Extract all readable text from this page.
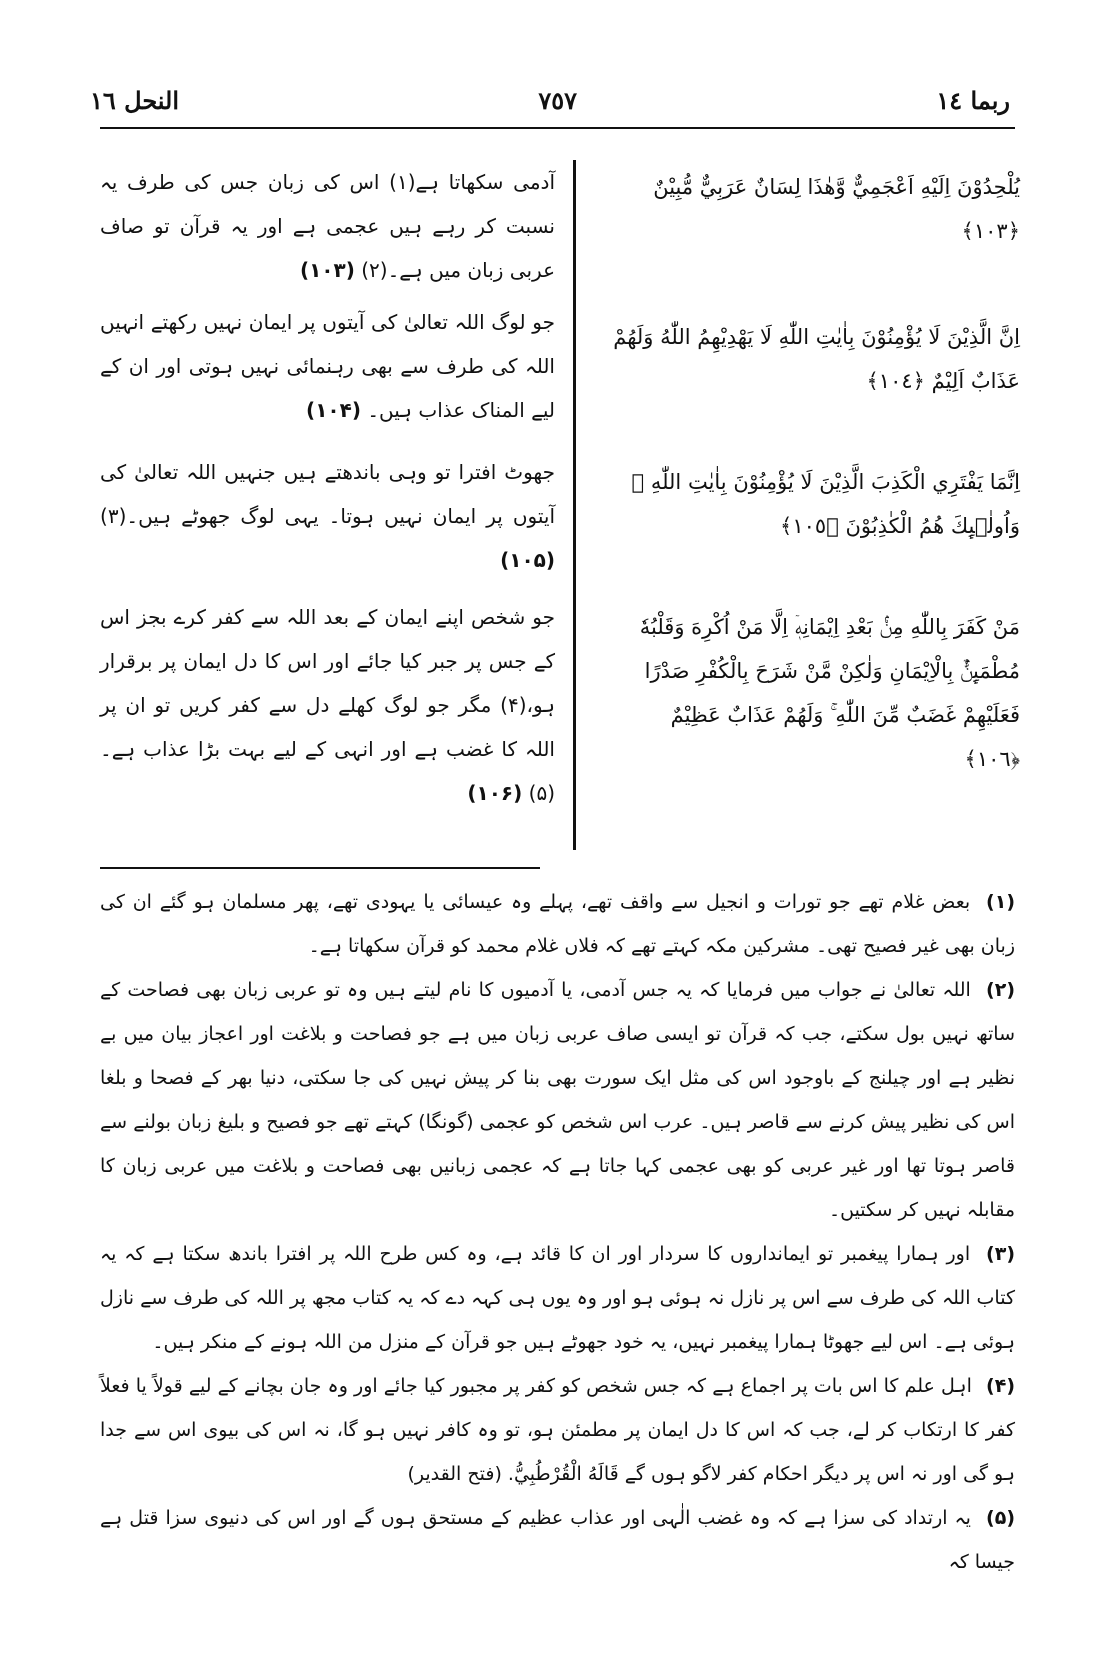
النحل ١٦	٧٥٧	ربما ١٤
يُلْحِدُوْنَ اِلَيْهِ اَعْجَمِيٌّ وَّهٰذَا لِسَانٌ عَرَبِيٌّ مُّبِيْنٌ ﴿١٠٣﴾
اِنَّ الَّذِيْنَ لَا يُؤْمِنُوْنَ بِاٰيٰتِ اللّٰهِ لَا يَهْدِيْهِمُ اللّٰهُ وَلَهُمْ عَذَابٌ اَلِيْمٌ ﴿١٠٤﴾
اِنَّمَا يَفْتَرِي الْكَذِبَ الَّذِيْنَ لَا يُؤْمِنُوْنَ بِاٰيٰتِ اللّٰهِ ۚ وَاُولٰۗىِٕكَ هُمُ الْكٰذِبُوْنَ ﴿١٠٥﴾
مَنْ كَفَرَ بِاللّٰهِ مِنْۢ بَعْدِ اِيْمَانِهٖۤ اِلَّا مَنْ اُكْرِهَ وَقَلْبُهٗ مُطْمَىِٕنٌّۢ بِالْاِيْمَانِ وَلٰكِنْ مَّنْ شَرَحَ بِالْكُفْرِ صَدْرًا فَعَلَيْهِمْ غَضَبٌ مِّنَ اللّٰهِ ۚ وَلَهُمْ عَذَابٌ عَظِيْمٌ ﴿١٠٦﴾
آدمی سکھاتا ہے(۱) اس کی زبان جس کی طرف یہ نسبت کر رہے ہیں عجمی ہے اور یہ قرآن تو صاف عربی زبان میں ہے۔(۲) (۱۰۳)
جو لوگ اللہ تعالیٰ کی آیتوں پر ایمان نہیں رکھتے انہیں اللہ کی طرف سے بھی رہنمائی نہیں ہوتی اور ان کے لیے المناک عذاب ہیں۔ (۱۰۴)
جھوٹ افترا تو وہی باندھتے ہیں جنہیں اللہ تعالیٰ کی آیتوں پر ایمان نہیں ہوتا۔ یہی لوگ جھوٹے ہیں۔(۳) (۱۰۵)
جو شخص اپنے ایمان کے بعد اللہ سے کفر کرے بجز اس کے جس پر جبر کیا جائے اور اس کا دل ایمان پر برقرار ہو،(۴) مگر جو لوگ کھلے دل سے کفر کریں تو ان پر اللہ کا غضب ہے اور انہی کے لیے بہت بڑا عذاب ہے۔(۵) (۱۰۶)

(۱) بعض غلام تھے جو تورات و انجیل سے واقف تھے، پہلے وہ عیسائی یا یہودی تھے، پھر مسلمان ہو گئے ان کی زبان بھی غیر فصیح تھی۔ مشرکین مکہ کہتے تھے کہ فلاں غلام محمد کو قرآن سکھاتا ہے۔

(۲) اللہ تعالیٰ نے جواب میں فرمایا کہ یہ جس آدمی، یا آدمیوں کا نام لیتے ہیں وہ تو عربی زبان بھی فصاحت کے ساتھ نہیں بول سکتے، جب کہ قرآن تو ایسی صاف عربی زبان میں ہے جو فصاحت و بلاغت اور اعجاز بیان میں بے نظیر ہے اور چیلنج کے باوجود اس کی مثل ایک سورت بھی بنا کر پیش نہیں کی جا سکتی، دنیا بھر کے فصحا و بلغا اس کی نظیر پیش کرنے سے قاصر ہیں۔ عرب اس شخص کو عجمی (گونگا) کہتے تھے جو فصیح و بلیغ زبان بولنے سے قاصر ہوتا تھا اور غیر عربی کو بھی عجمی کہا جاتا ہے کہ عجمی زبانیں بھی فصاحت و بلاغت میں عربی زبان کا مقابلہ نہیں کر سکتیں۔

(۳) اور ہمارا پیغمبر تو ایمانداروں کا سردار اور ان کا قائد ہے، وہ کس طرح اللہ پر افترا باندھ سکتا ہے کہ یہ کتاب اللہ کی طرف سے اس پر نازل نہ ہوئی ہو اور وہ یوں ہی کہہ دے کہ یہ کتاب مجھ پر اللہ کی طرف سے نازل ہوئی ہے۔ اس لیے جھوٹا ہمارا پیغمبر نہیں، یہ خود جھوٹے ہیں جو قرآن کے منزل من اللہ ہونے کے منکر ہیں۔

(۴) اہل علم کا اس بات پر اجماع ہے کہ جس شخص کو کفر پر مجبور کیا جائے اور وہ جان بچانے کے لیے قولاً یا فعلاً کفر کا ارتکاب کر لے، جب کہ اس کا دل ایمان پر مطمئن ہو، تو وہ کافر نہیں ہو گا، نہ اس کی بیوی اس سے جدا ہو گی اور نہ اس پر دیگر احکام کفر لاگو ہوں گے قَالَهُ الْقُرْطُبِيُّ. (فتح القدیر)

(۵) یہ ارتداد کی سزا ہے کہ وہ غضب الٰہی اور عذاب عظیم کے مستحق ہوں گے اور اس کی دنیوی سزا قتل ہے جیسا کہ
